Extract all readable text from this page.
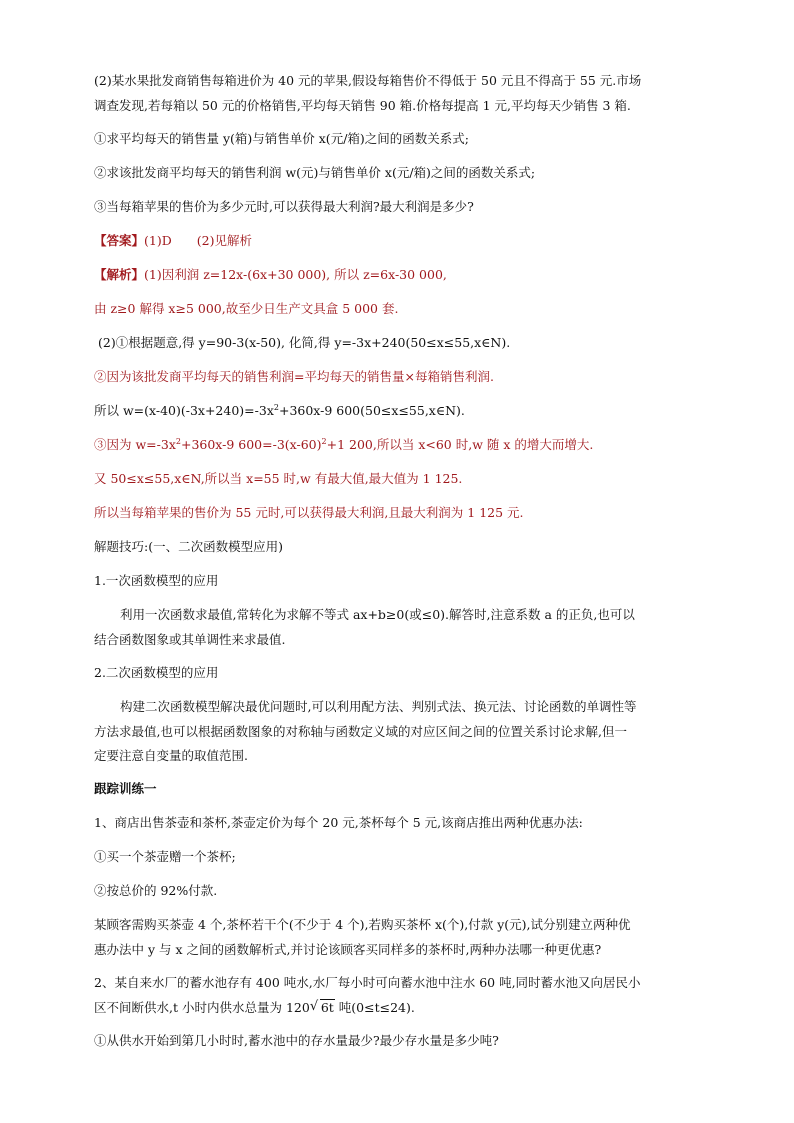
(2)某水果批发商销售每箱进价为 40 元的苹果,假设每箱售价不得低于 50 元且不得高于 55 元.市场
调查发现,若每箱以 50 元的价格销售,平均每天销售 90 箱.价格每提高 1 元,平均每天少销售 3 箱.
①求平均每天的销售量 y(箱)与销售单价 x(元/箱)之间的函数关系式;
②求该批发商平均每天的销售利润 w(元)与销售单价 x(元/箱)之间的函数关系式;
③当每箱苹果的售价为多少元时,可以获得最大利润?最大利润是多少?
【答案】(1)D　　(2)见解析
【解析】(1)因利润 z=12x-(6x+30 000), 所以 z=6x-30 000,
由 z≥0 解得 x≥5 000,故至少日生产文具盒 5 000 套.
(2)①根据题意,得 y=90-3(x-50), 化简,得 y=-3x+240(50≤x≤55,x∈N).
②因为该批发商平均每天的销售利润=平均每天的销售量×每箱销售利润.
所以 $w=(x-40)(-3x+240)=-3x^2+360x-9$ 600(50≤x≤55,x∈N).
③因为 $w=-3x^2+360x-9$ $600=-3(x-60)^2+1$ 200,所以当 x<60 时,w 随 x 的增大而增大.
又 50≤x≤55,x∈N,所以当 x=55 时,w 有最大值,最大值为 1 125.
所以当每箱苹果的售价为 55 元时,可以获得最大利润,且最大利润为 1 125 元.
解题技巧:(一、二次函数模型应用)
1.一次函数模型的应用
利用一次函数求最值,常转化为求解不等式 ax+b≥0(或≤0).解答时,注意系数 a 的正负,也可以
结合函数图象或其单调性来求最值.
2.二次函数模型的应用
构建二次函数模型解决最优问题时,可以利用配方法、判别式法、换元法、讨论函数的单调性等
方法求最值,也可以根据函数图象的对称轴与函数定义域的对应区间之间的位置关系讨论求解,但一
定要注意自变量的取值范围.
跟踪训练一
1、商店出售茶壶和茶杯,茶壶定价为每个 20 元,茶杯每个 5 元,该商店推出两种优惠办法:
①买一个茶壶赠一个茶杯;
②按总价的 92%付款.
某顾客需购买茶壶 4 个,茶杯若干个(不少于 4 个),若购买茶杯 x(个),付款 y(元),试分别建立两种优
惠办法中 y 与 x 之间的函数解析式,并讨论该顾客买同样多的茶杯时,两种办法哪一种更优惠?
2、某自来水厂的蓄水池存有 400 吨水,水厂每小时可向蓄水池中注水 60 吨,同时蓄水池又向居民小
区不间断供水,t 小时内供水总量为 120√ 6t 吨(0≤t≤24).
①从供水开始到第几小时时,蓄水池中的存水量最少?最少存水量是多少吨?
